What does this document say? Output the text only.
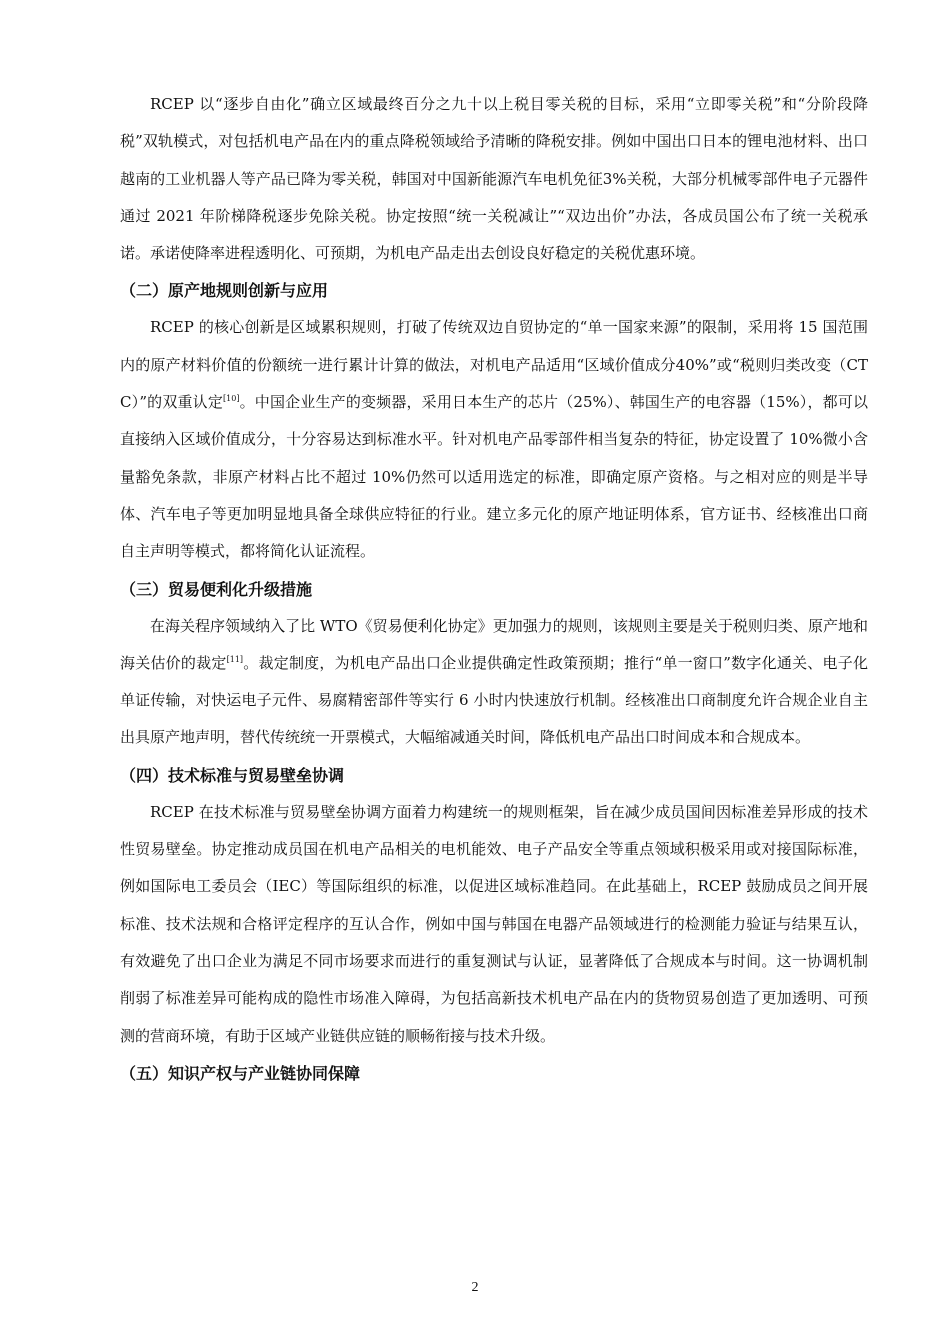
RCEP 以“逐步自由化”确立区域最终百分之九十以上税目零关税的目标，采用“立即零关税”和“分阶段降税”双轨模式，对包括机电产品在内的重点降税领域给予清晰的降税安排。例如中国出口日本的锂电池材料、出口越南的工业机器人等产品已降为零关税，韩国对中国新能源汽车电机免征3%关税，大部分机械零部件电子元器件通过 2021 年阶梯降税逐步免除关税。协定按照“统一关税减让”“双边出价”办法，各成员国公布了统一关税承诺。承诺使降率进程透明化、可预期，为机电产品走出去创设良好稳定的关税优惠环境。

（二）原产地规则创新与应用

RCEP 的核心创新是区域累积规则，打破了传统双边自贸协定的“单一国家来源”的限制，采用将 15 国范围内的原产材料价值的份额统一进行累计计算的做法，对机电产品适用“区域价值成分40%”或“税则归类改变（CTC）”的双重认定[10]。中国企业生产的变频器，采用日本生产的芯片（25%）、韩国生产的电容器（15%），都可以直接纳入区域价值成分，十分容易达到标准水平。针对机电产品零部件相当复杂的特征，协定设置了 10%微小含量豁免条款，非原产材料占比不超过 10%仍然可以适用选定的标准，即确定原产资格。与之相对应的则是半导体、汽车电子等更加明显地具备全球供应特征的行业。建立多元化的原产地证明体系，官方证书、经核准出口商自主声明等模式，都将简化认证流程。

（三）贸易便利化升级措施

在海关程序领域纳入了比 WTO《贸易便利化协定》更加强力的规则，该规则主要是关于税则归类、原产地和海关估价的裁定[11]。裁定制度，为机电产品出口企业提供确定性政策预期；推行“单一窗口”数字化通关、电子化单证传输，对快运电子元件、易腐精密部件等实行 6 小时内快速放行机制。经核准出口商制度允许合规企业自主出具原产地声明，替代传统统一开票模式，大幅缩减通关时间，降低机电产品出口时间成本和合规成本。

（四）技术标准与贸易壁垒协调

RCEP 在技术标准与贸易壁垒协调方面着力构建统一的规则框架，旨在减少成员国间因标准差异形成的技术性贸易壁垒。协定推动成员国在机电产品相关的电机能效、电子产品安全等重点领域积极采用或对接国际标准，例如国际电工委员会（IEC）等国际组织的标准，以促进区域标准趋同。在此基础上，RCEP 鼓励成员之间开展标准、技术法规和合格评定程序的互认合作，例如中国与韩国在电器产品领域进行的检测能力验证与结果互认，有效避免了出口企业为满足不同市场要求而进行的重复测试与认证，显著降低了合规成本与时间。这一协调机制削弱了标准差异可能构成的隐性市场准入障碍，为包括高新技术机电产品在内的货物贸易创造了更加透明、可预测的营商环境，有助于区域产业链供应链的顺畅衔接与技术升级。

（五）知识产权与产业链协同保障

2
